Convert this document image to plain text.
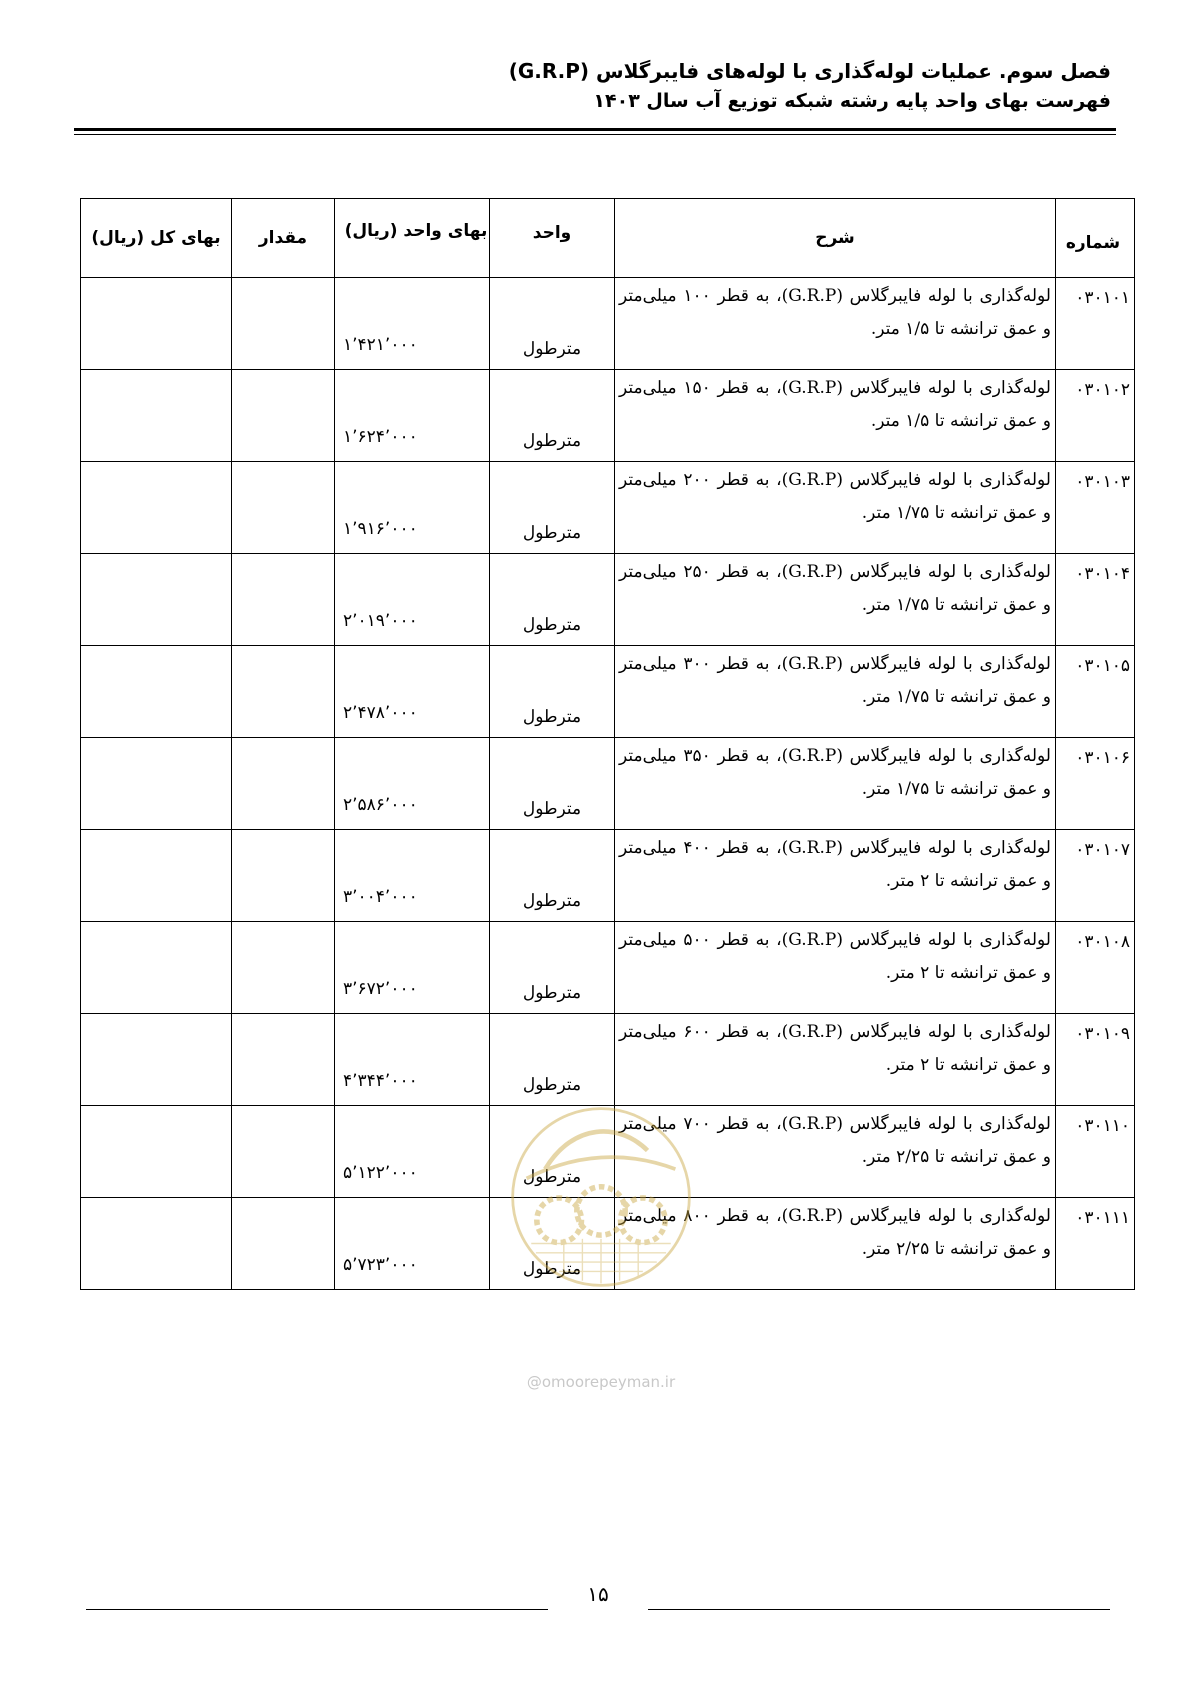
فصل سوم. عملیات لوله‌گذاری با لوله‌های فایبرگلاس (G.R.P)
فهرست بهای واحد پایه رشته شبکه توزیع آب سال ۱۴۰۳
شماره	شرح	واحد	بهای واحد (ریال)	مقدار	بهای کل (ریال)
۰۳۰۱۰۱	لوله‌گذاری با لوله فایبرگلاس (G.R.P)، به قطر ۱۰۰ میلی‌متر و عمق ترانشه تا ۱/۵ متر.	مترطول	۱٬۴۲۱٬۰۰۰		
۰۳۰۱۰۲	لوله‌گذاری با لوله فایبرگلاس (G.R.P)، به قطر ۱۵۰ میلی‌متر و عمق ترانشه تا ۱/۵ متر.	مترطول	۱٬۶۲۴٬۰۰۰		
۰۳۰۱۰۳	لوله‌گذاری با لوله فایبرگلاس (G.R.P)، به قطر ۲۰۰ میلی‌متر و عمق ترانشه تا ۱/۷۵ متر.	مترطول	۱٬۹۱۶٬۰۰۰		
۰۳۰۱۰۴	لوله‌گذاری با لوله فایبرگلاس (G.R.P)، به قطر ۲۵۰ میلی‌متر و عمق ترانشه تا ۱/۷۵ متر.	مترطول	۲٬۰۱۹٬۰۰۰		
۰۳۰۱۰۵	لوله‌گذاری با لوله فایبرگلاس (G.R.P)، به قطر ۳۰۰ میلی‌متر و عمق ترانشه تا ۱/۷۵ متر.	مترطول	۲٬۴۷۸٬۰۰۰		
۰۳۰۱۰۶	لوله‌گذاری با لوله فایبرگلاس (G.R.P)، به قطر ۳۵۰ میلی‌متر و عمق ترانشه تا ۱/۷۵ متر.	مترطول	۲٬۵۸۶٬۰۰۰		
۰۳۰۱۰۷	لوله‌گذاری با لوله فایبرگلاس (G.R.P)، به قطر ۴۰۰ میلی‌متر و عمق ترانشه تا ۲ متر.	مترطول	۳٬۰۰۴٬۰۰۰		
۰۳۰۱۰۸	لوله‌گذاری با لوله فایبرگلاس (G.R.P)، به قطر ۵۰۰ میلی‌متر و عمق ترانشه تا ۲ متر.	مترطول	۳٬۶۷۲٬۰۰۰		
۰۳۰۱۰۹	لوله‌گذاری با لوله فایبرگلاس (G.R.P)، به قطر ۶۰۰ میلی‌متر و عمق ترانشه تا ۲ متر.	مترطول	۴٬۳۴۴٬۰۰۰		
۰۳۰۱۱۰	لوله‌گذاری با لوله فایبرگلاس (G.R.P)، به قطر ۷۰۰ میلی‌متر و عمق ترانشه تا ۲/۲۵ متر.	مترطول	۵٬۱۲۲٬۰۰۰		
۰۳۰۱۱۱	لوله‌گذاری با لوله فایبرگلاس (G.R.P)، به قطر ۸۰۰ میلی‌متر و عمق ترانشه تا ۲/۲۵ متر.	مترطول	۵٬۷۲۳٬۰۰۰		
@omoorepeyman.ir
۱۵
